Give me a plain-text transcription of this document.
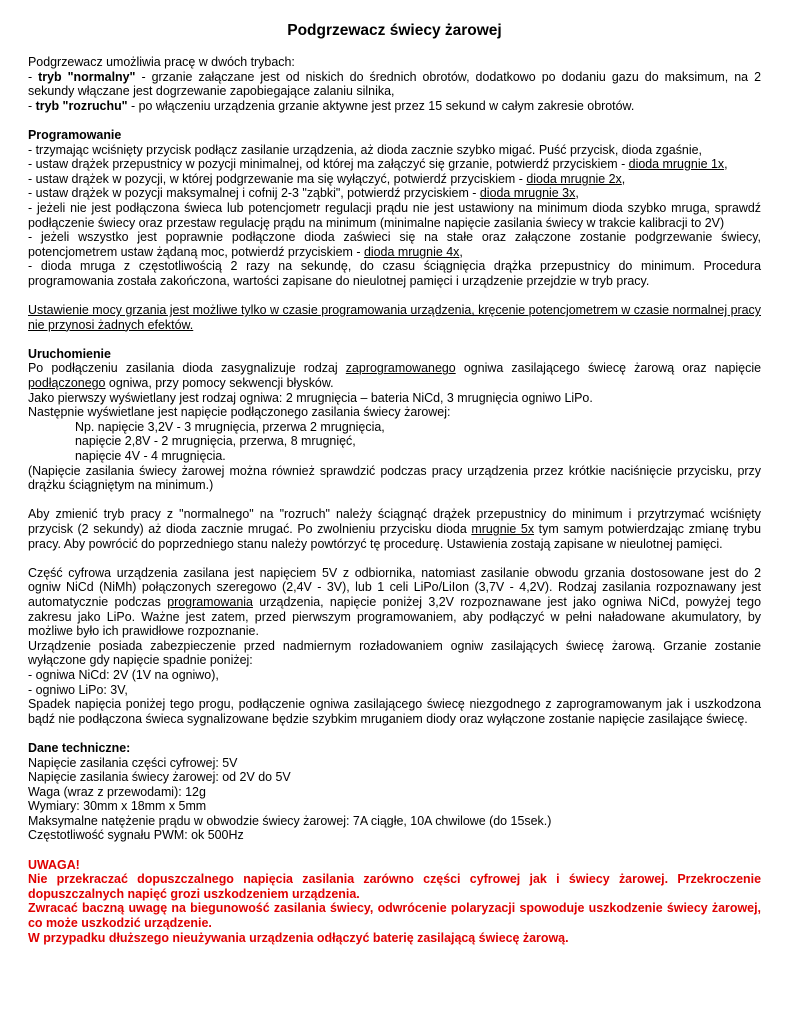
Podgrzewacz świecy żarowej

Podgrzewacz umożliwia pracę w dwóch trybach:

- tryb "normalny" - grzanie załączane jest od niskich do średnich obrotów, dodatkowo po dodaniu gazu do maksimum, na 2 sekundy włączane jest dogrzewanie zapobiegające zalaniu silnika,

- tryb "rozruchu" - po włączeniu urządzenia grzanie aktywne jest przez 15 sekund w całym zakresie obrotów.

Programowanie

- trzymając wciśnięty przycisk podłącz zasilanie urządzenia, aż dioda zacznie szybko migać. Puść przycisk, dioda zgaśnie,

- ustaw drążek przepustnicy w pozycji minimalnej, od której ma załączyć się grzanie, potwierdź przyciskiem - dioda mrugnie 1x,

- ustaw drążek w pozycji, w której podgrzewanie ma się wyłączyć, potwierdź przyciskiem - dioda mrugnie 2x,

- ustaw drążek w pozycji maksymalnej i cofnij 2-3 "ząbki", potwierdź przyciskiem - dioda mrugnie 3x,

- jeżeli nie jest podłączona świeca lub potencjometr regulacji prądu nie jest ustawiony na minimum dioda szybko mruga, sprawdź podłączenie świecy oraz przestaw regulację prądu na minimum (minimalne napięcie zasilania świecy w trakcie kalibracji to 2V)

- jeżeli wszystko jest poprawnie podłączone dioda zaświeci się na stałe oraz załączone zostanie podgrzewanie świecy, potencjometrem ustaw żądaną moc, potwierdź przyciskiem - dioda mrugnie 4x,

- dioda mruga z częstotliwością 2 razy na sekundę, do czasu ściągnięcia drążka przepustnicy do minimum. Procedura programowania została zakończona, wartości zapisane do nieulotnej pamięci i urządzenie przejdzie w tryb pracy.

Ustawienie mocy grzania jest możliwe tylko w czasie programowania urządzenia, kręcenie potencjometrem w czasie normalnej pracy nie przynosi żadnych efektów.

Uruchomienie

Po podłączeniu zasilania dioda zasygnalizuje rodzaj zaprogramowanego ogniwa zasilającego świecę żarową oraz napięcie podłączonego ogniwa, przy pomocy sekwencji błysków.

Jako pierwszy wyświetlany jest rodzaj ogniwa: 2 mrugnięcia – bateria NiCd, 3 mrugnięcia ogniwo LiPo.

Następnie wyświetlane jest napięcie podłączonego zasilania świecy żarowej:

Np. napięcie 3,2V - 3 mrugnięcia, przerwa 2 mrugnięcia,

napięcie 2,8V - 2 mrugnięcia, przerwa, 8 mrugnięć,

napięcie 4V - 4 mrugnięcia.

(Napięcie zasilania świecy żarowej można również sprawdzić podczas pracy urządzenia przez krótkie naciśnięcie przycisku, przy drążku ściągniętym na minimum.)

Aby zmienić tryb pracy z "normalnego" na "rozruch" należy ściągnąć drążek przepustnicy do minimum i przytrzymać wciśnięty przycisk (2 sekundy) aż dioda zacznie mrugać. Po zwolnieniu przycisku dioda mrugnie 5x tym samym potwierdzając zmianę trybu pracy. Aby powrócić do poprzedniego stanu należy powtórzyć tę procedurę. Ustawienia zostają zapisane w nieulotnej pamięci.

Część cyfrowa urządzenia zasilana jest napięciem 5V z odbiornika, natomiast zasilanie obwodu grzania dostosowane jest do 2 ogniw NiCd (NiMh) połączonych szeregowo (2,4V - 3V), lub 1 celi LiPo/LiIon (3,7V - 4,2V). Rodzaj zasilania rozpoznawany jest automatycznie podczas programowania urządzenia, napięcie poniżej 3,2V rozpoznawane jest jako ogniwa NiCd, powyżej tego zakresu jako LiPo. Ważne jest zatem, przed pierwszym programowaniem, aby podłączyć w pełni naładowane akumulatory, by możliwe było ich prawidłowe rozpoznanie.

Urządzenie posiada zabezpieczenie przed nadmiernym rozładowaniem ogniw zasilających świecę żarową. Grzanie zostanie wyłączone gdy napięcie spadnie poniżej:

- ogniwa NiCd: 2V (1V na ogniwo),

- ogniwo LiPo: 3V,

Spadek napięcia poniżej tego progu, podłączenie ogniwa zasilającego świecę niezgodnego z zaprogramowanym jak i uszkodzona bądź nie podłączona świeca sygnalizowane będzie szybkim mruganiem diody oraz wyłączone zostanie napięcie zasilające świecę.

Dane techniczne:

Napięcie zasilania części cyfrowej: 5V

Napięcie zasilania świecy żarowej: od 2V do 5V

Waga (wraz z przewodami): 12g

Wymiary: 30mm x 18mm x 5mm

Maksymalne natężenie prądu w obwodzie świecy żarowej: 7A ciągłe, 10A chwilowe (do 15sek.)

Częstotliwość sygnału PWM: ok 500Hz

UWAGA!

Nie przekraczać dopuszczalnego napięcia zasilania zarówno części cyfrowej jak i świecy żarowej. Przekroczenie dopuszczalnych napięć grozi uszkodzeniem urządzenia.

Zwracać baczną uwagę na biegunowość zasilania świecy, odwrócenie polaryzacji spowoduje uszkodzenie świecy żarowej, co może uszkodzić urządzenie.

W przypadku dłuższego nieużywania urządzenia odłączyć baterię zasilającą świecę żarową.
